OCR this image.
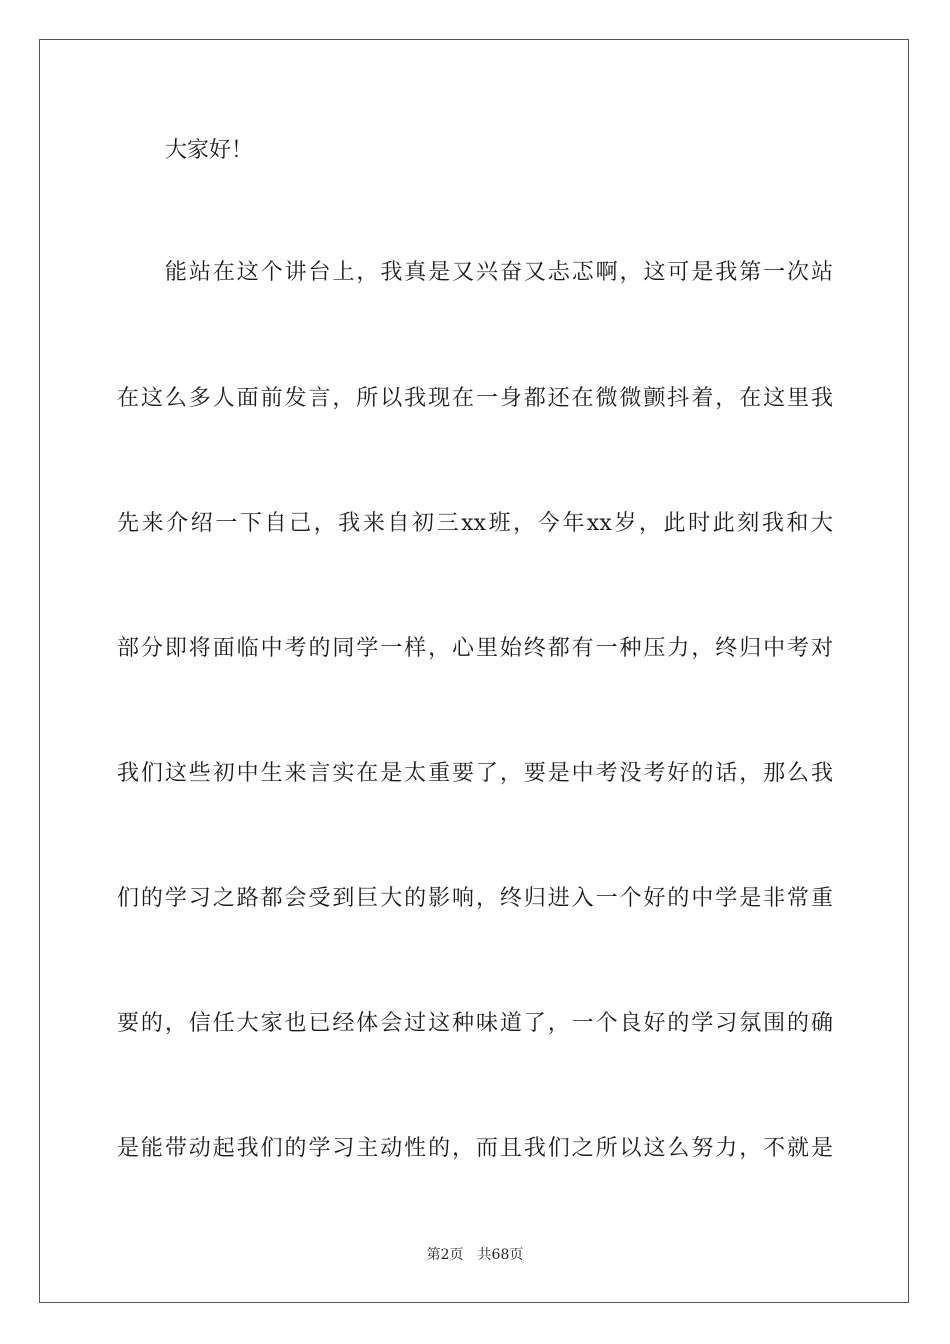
大家好！
能站在这个讲台上，我真是又兴奋又忐忑啊，这可是我第一次站
在这么多人面前发言，所以我现在一身都还在微微颤抖着，在这里我
先来介绍一下自己，我来自初三xx班，今年xx岁，此时此刻我和大
部分即将面临中考的同学一样，心里始终都有一种压力，终归中考对
我们这些初中生来言实在是太重要了，要是中考没考好的话，那么我
们的学习之路都会受到巨大的影响，终归进入一个好的中学是非常重
要的，信任大家也已经体会过这种味道了，一个良好的学习氛围的确
是能带动起我们的学习主动性的，而且我们之所以这么努力，不就是
第2页 共68页
